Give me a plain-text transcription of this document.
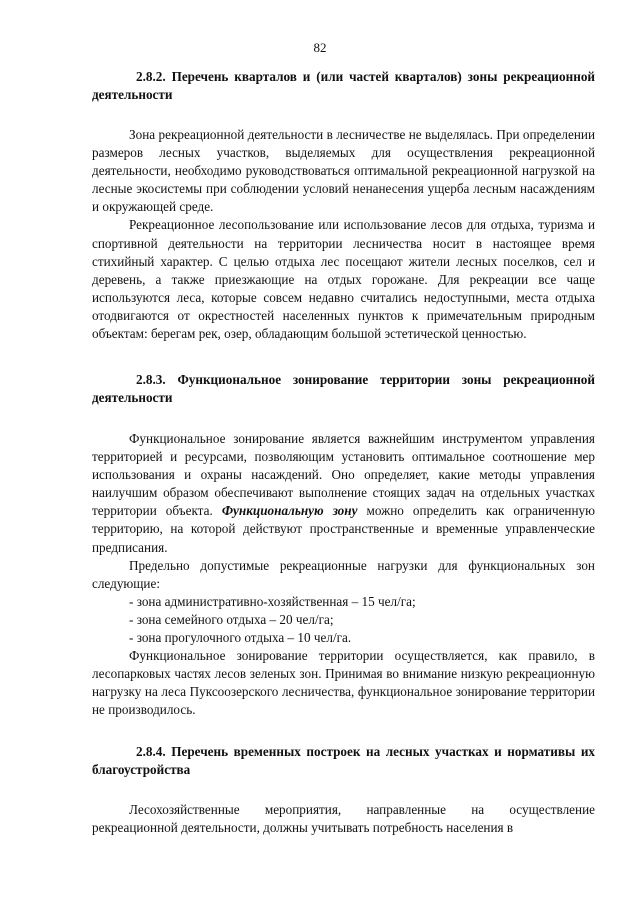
82
2.8.2. Перечень кварталов и (или частей кварталов) зоны рекреационной деятельности

Зона рекреационной деятельности в лесничестве не выделялась. При определении размеров лесных участков, выделяемых для осуществления рекреационной деятельности, необходимо руководствоваться оптимальной рекреационной нагрузкой на лесные экосистемы при соблюдении условий ненанесения ущерба лесным насаждениям и окружающей среде.

Рекреационное лесопользование или использование лесов для отдыха, туризма и спортивной деятельности на территории лесничества носит в настоящее время стихийный характер. С целью отдыха лес посещают жители лесных поселков, сел и деревень, а также приезжающие на отдых горожане. Для рекреации все чаще используются леса, которые совсем недавно считались недоступными, места отдыха отодвигаются от окрестностей населенных пунктов к примечательным природным объектам: берегам рек, озер, обладающим большой эстетической ценностью.

2.8.3. Функциональное зонирование территории зоны рекреационной деятельности

Функциональное зонирование является важнейшим инструментом управления территорией и ресурсами, позволяющим установить оптимальное соотношение мер использования и охраны насаждений. Оно определяет, какие методы управления наилучшим образом обеспечивают выполнение стоящих задач на отдельных участках территории объекта. Функциональную зону можно определить как ограниченную территорию, на которой действуют пространственные и временные управленческие предписания.

Предельно допустимые рекреационные нагрузки для функциональных зон следующие:

- зона административно-хозяйственная – 15 чел/га;
- зона семейного отдыха – 20 чел/га;
- зона прогулочного отдыха – 10 чел/га.

Функциональное зонирование территории осуществляется, как правило, в лесопарковых частях лесов зеленых зон. Принимая во внимание низкую рекреационную нагрузку на леса Пуксоозерского лесничества, функциональное зонирование территории не производилось.

2.8.4. Перечень временных построек на лесных участках и нормативы их благоустройства

Лесохозяйственные мероприятия, направленные на осуществление рекреационной деятельности, должны учитывать потребность населения в
